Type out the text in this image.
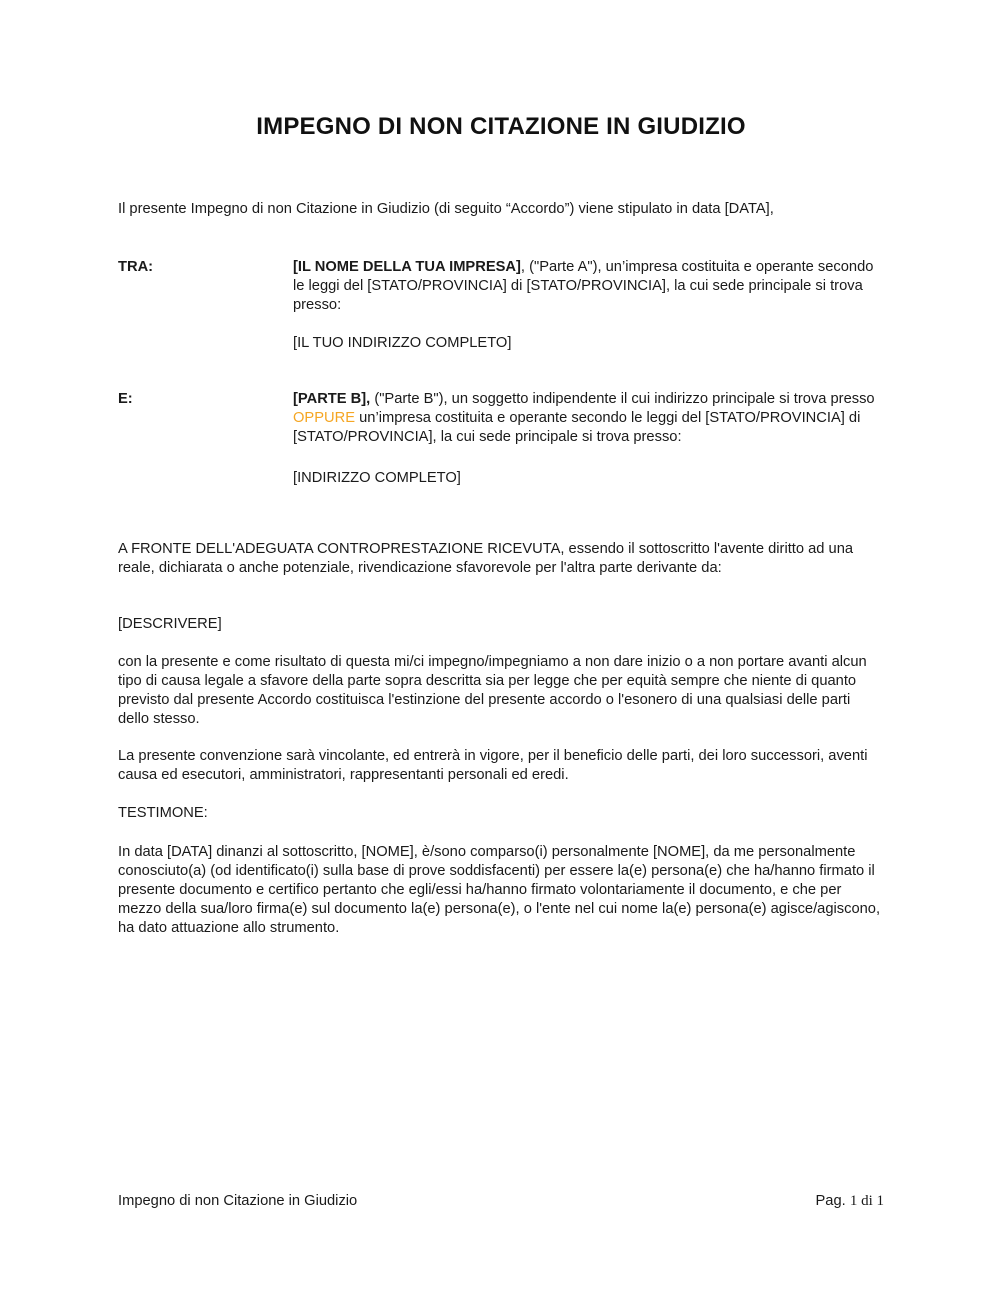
IMPEGNO DI NON CITAZIONE IN GIUDIZIO
Il presente Impegno di non Citazione in Giudizio (di seguito “Accordo”) viene stipulato in data [DATA],
TRA:	[IL NOME DELLA TUA IMPRESA], ("Parte A"), un’impresa costituita e operante secondo le leggi del [STATO/PROVINCIA] di [STATO/PROVINCIA], la cui sede principale si trova presso:
[IL TUO INDIRIZZO COMPLETO]
E:	[PARTE B], ("Parte B"), un soggetto indipendente il cui indirizzo principale si trova presso OPPURE un’impresa costituita e operante secondo le leggi del [STATO/PROVINCIA] di [STATO/PROVINCIA], la cui sede principale si trova presso:
[INDIRIZZO COMPLETO]
A FRONTE DELL'ADEGUATA CONTROPRESTAZIONE RICEVUTA, essendo il sottoscritto l'avente diritto ad una reale, dichiarata o anche potenziale, rivendicazione sfavorevole per l'altra parte derivante da:
[DESCRIVERE]
con la presente e come risultato di questa mi/ci impegno/impegniamo a non dare inizio o a non portare avanti alcun tipo di causa legale a sfavore della parte sopra descritta sia per legge che per equità sempre che niente di quanto previsto dal presente Accordo costituisca l'estinzione del presente accordo o l'esonero di una qualsiasi delle parti dello stesso.
La presente convenzione sarà vincolante, ed entrerà in vigore, per il beneficio delle parti, dei loro successori, aventi causa ed esecutori, amministratori, rappresentanti personali ed eredi.
TESTIMONE:
In data [DATA] dinanzi al sottoscritto, [NOME], è/sono comparso(i) personalmente [NOME], da me personalmente conosciuto(a) (od identificato(i) sulla base di prove soddisfacenti) per essere la(e) persona(e) che ha/hanno firmato il presente documento e certifico pertanto che egli/essi ha/hanno firmato volontariamente il documento, e che per mezzo della sua/loro firma(e) sul documento la(e) persona(e), o l'ente nel cui nome la(e) persona(e) agisce/agiscono, ha dato attuazione allo strumento.
Impegno di non Citazione in Giudizio	Pag. 1 di 1
